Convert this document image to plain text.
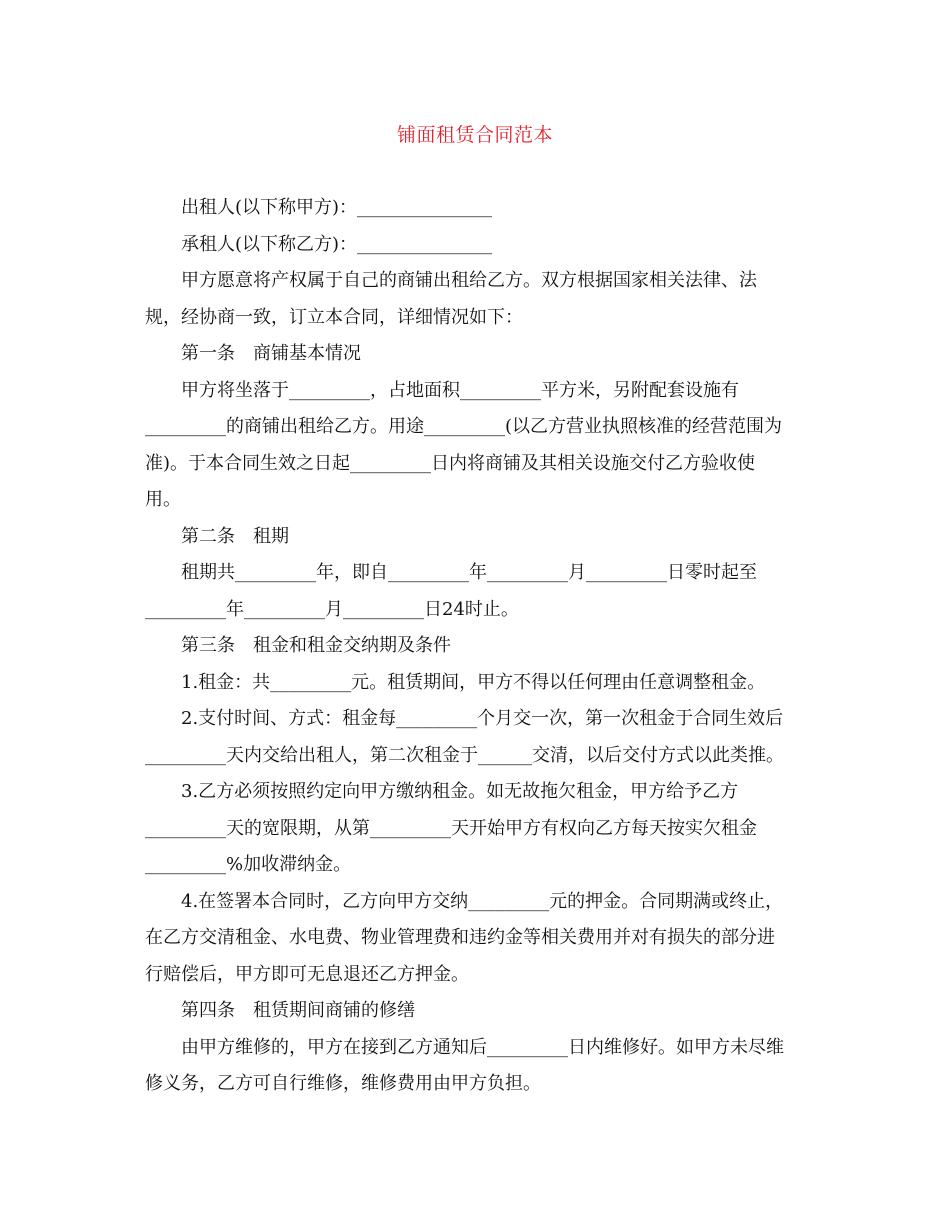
铺面租赁合同范本

出租人(以下称甲方)：_______________

承租人(以下称乙方)：_______________

甲方愿意将产权属于自己的商铺出租给乙方。双方根据国家相关法律、法
规，经协商一致，订立本合同，详细情况如下：

第一条　商铺基本情况

甲方将坐落于_________，占地面积_________平方米，另附配套设施有
_________的商铺出租给乙方。用途_________(以乙方营业执照核准的经营范围为
准)。于本合同生效之日起_________日内将商铺及其相关设施交付乙方验收使
用。

第二条　租期

租期共_________年，即自_________年_________月_________日零时起至
_________年_________月_________日24时止。

第三条　租金和租金交纳期及条件

1.租金：共_________元。租赁期间，甲方不得以任何理由任意调整租金。

2.支付时间、方式：租金每_________个月交一次，第一次租金于合同生效后
_________天内交给出租人，第二次租金于______交清，以后交付方式以此类推。

3.乙方必须按照约定向甲方缴纳租金。如无故拖欠租金，甲方给予乙方
_________天的宽限期，从第_________天开始甲方有权向乙方每天按实欠租金
_________%加收滞纳金。

4.在签署本合同时，乙方向甲方交纳_________元的押金。合同期满或终止，
在乙方交清租金、水电费、物业管理费和违约金等相关费用并对有损失的部分进
行赔偿后，甲方即可无息退还乙方押金。

第四条　租赁期间商铺的修缮

由甲方维修的，甲方在接到乙方通知后_________日内维修好。如甲方未尽维
修义务，乙方可自行维修，维修费用由甲方负担。
